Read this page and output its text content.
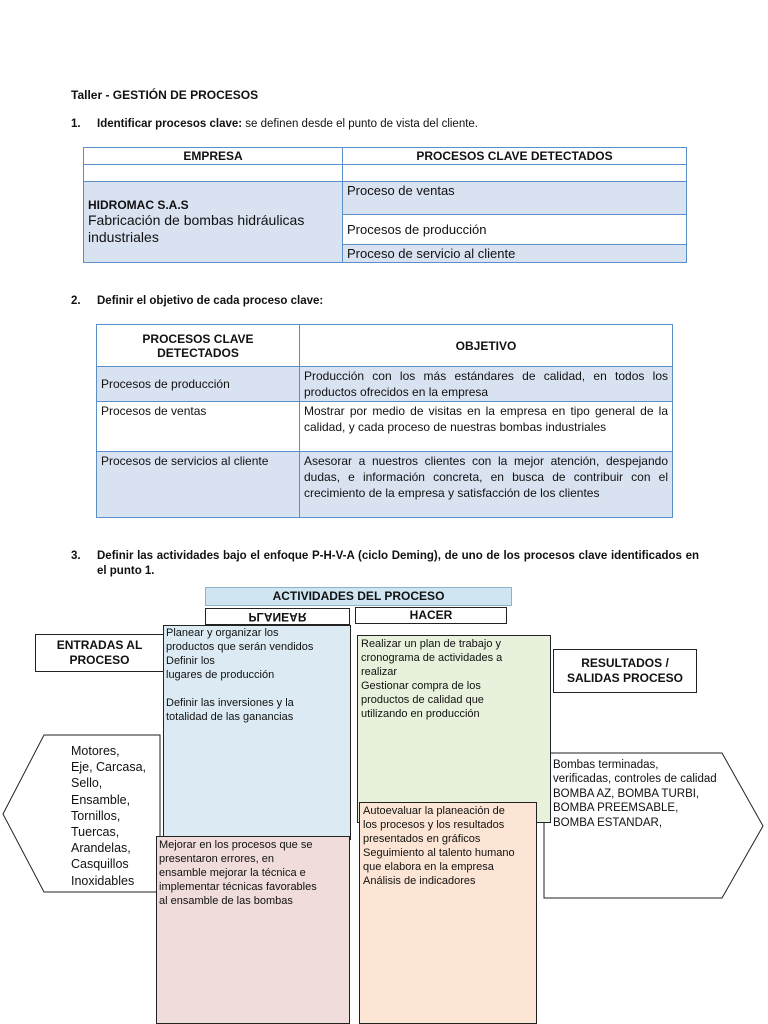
Taller - GESTIÓN DE PROCESOS
1. Identificar procesos clave: se definen desde el punto de vista del cliente.
EMPRESA	PROCESOS CLAVE DETECTADOS

HIDROMAC S.A.S
Fabricación de bombas hidráulicas industriales	Proceso de ventas
	Procesos de producción
	Proceso de servicio al cliente
2. Definir el objetivo de cada proceso clave:
PROCESOS CLAVE DETECTADOS	OBJETIVO
Procesos de producción	Producción con los más estándares de calidad, en todos los productos ofrecidos en la empresa
Procesos de ventas	Mostrar por medio de visitas en la empresa en tipo general de la calidad, y cada proceso de nuestras bombas industriales
Procesos de servicios al cliente	Asesorar a nuestros clientes con la mejor atención, despejando dudas, e información concreta, en busca de contribuir con el crecimiento de la empresa y satisfacción de los clientes
3.	Definir las actividades bajo el enfoque P-H-V-A (ciclo Deming), de uno de los procesos clave identificados en el punto 1.
ACTIVIDADES DEL PROCESO
PLANEAR	HACER
ENTRADAS AL PROCESO	RESULTADOS / SALIDAS PROCESO
Motores,
Eje, Carcasa,
Sello,
Ensamble,
Tornillos,
Tuercas,
Arandelas,
Casquillos
Inoxidables
Bombas terminadas,
verificadas, controles de calidad
BOMBA AZ, BOMBA TURBI,
BOMBA PREEMSABLE,
BOMBA ESTANDAR,
Planear y organizar los
productos que serán vendidos
Definir los
lugares de producción

Definir las inversiones y la
totalidad de las ganancias
Realizar un plan de trabajo y
cronograma de actividades a
realizar
Gestionar compra de los
productos de calidad que
utilizando en producción
Autoevaluar la planeación de
los procesos y los resultados
presentados en gráficos
Seguimiento al talento humano
que elabora en la empresa
Análisis de indicadores
Mejorar en los procesos que se
presentaron errores, en
ensamble mejorar la técnica e
implementar técnicas favorables
al ensamble de las bombas
